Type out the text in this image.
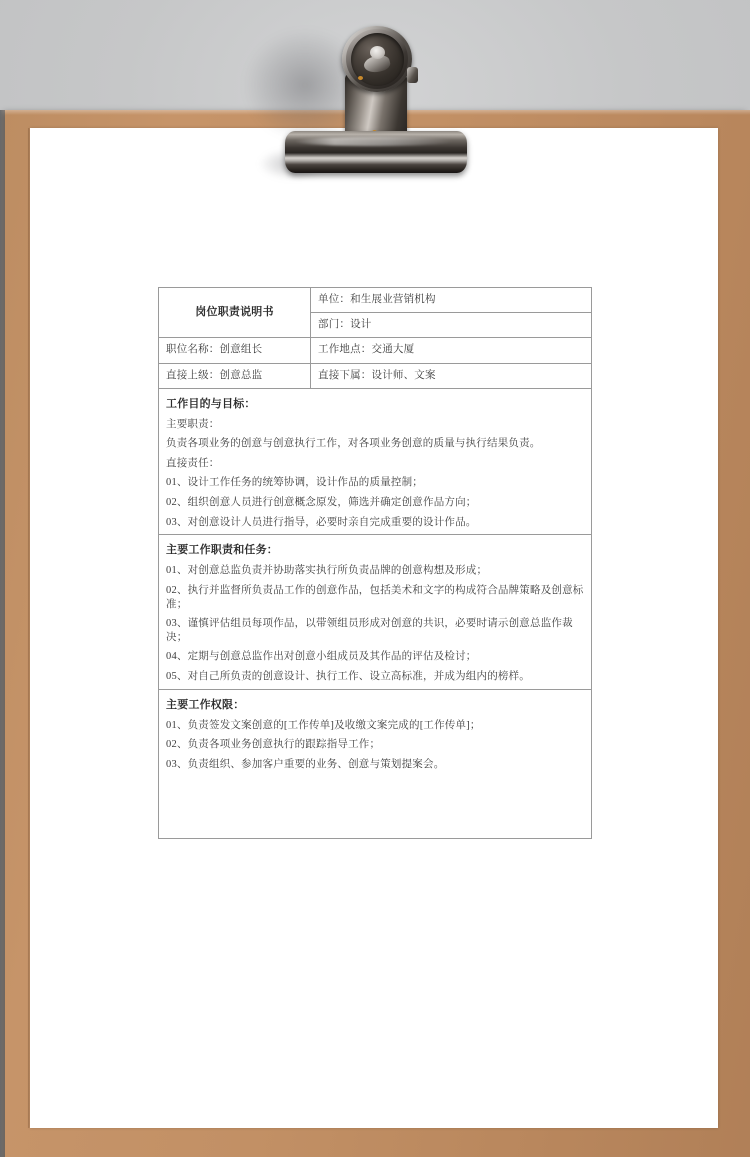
岗位职责说明书	单位：和生展业营销机构
	部门：设计
职位名称：创意组长	工作地点：交通大厦
直接上级：创意总监	直接下属：设计师、文案

工作目的与目标：
主要职责：
负责各项业务的创意与创意执行工作，对各项业务创意的质量与执行结果负责。
直接责任：
01、设计工作任务的统筹协调，设计作品的质量控制；
02、组织创意人员进行创意概念原发，筛选并确定创意作品方向；
03、对创意设计人员进行指导，必要时亲自完成重要的设计作品。

主要工作职责和任务：
01、对创意总监负责并协助落实执行所负责品牌的创意构想及形成；
02、执行并监督所负责品工作的创意作品，包括美术和文字的构成符合品牌策略及创意标准；
03、谨慎评估组员每项作品，以带领组员形成对创意的共识，必要时请示创意总监作裁决；
04、定期与创意总监作出对创意小组成员及其作品的评估及检讨；
05、对自己所负责的创意设计、执行工作、设立高标准，并成为组内的榜样。

主要工作权限：
01、负责签发文案创意的[工作传单]及收缴文案完成的[工作传单]；
02、负责各项业务创意执行的跟踪指导工作；
03、负责组织、参加客户重要的业务、创意与策划提案会。	
